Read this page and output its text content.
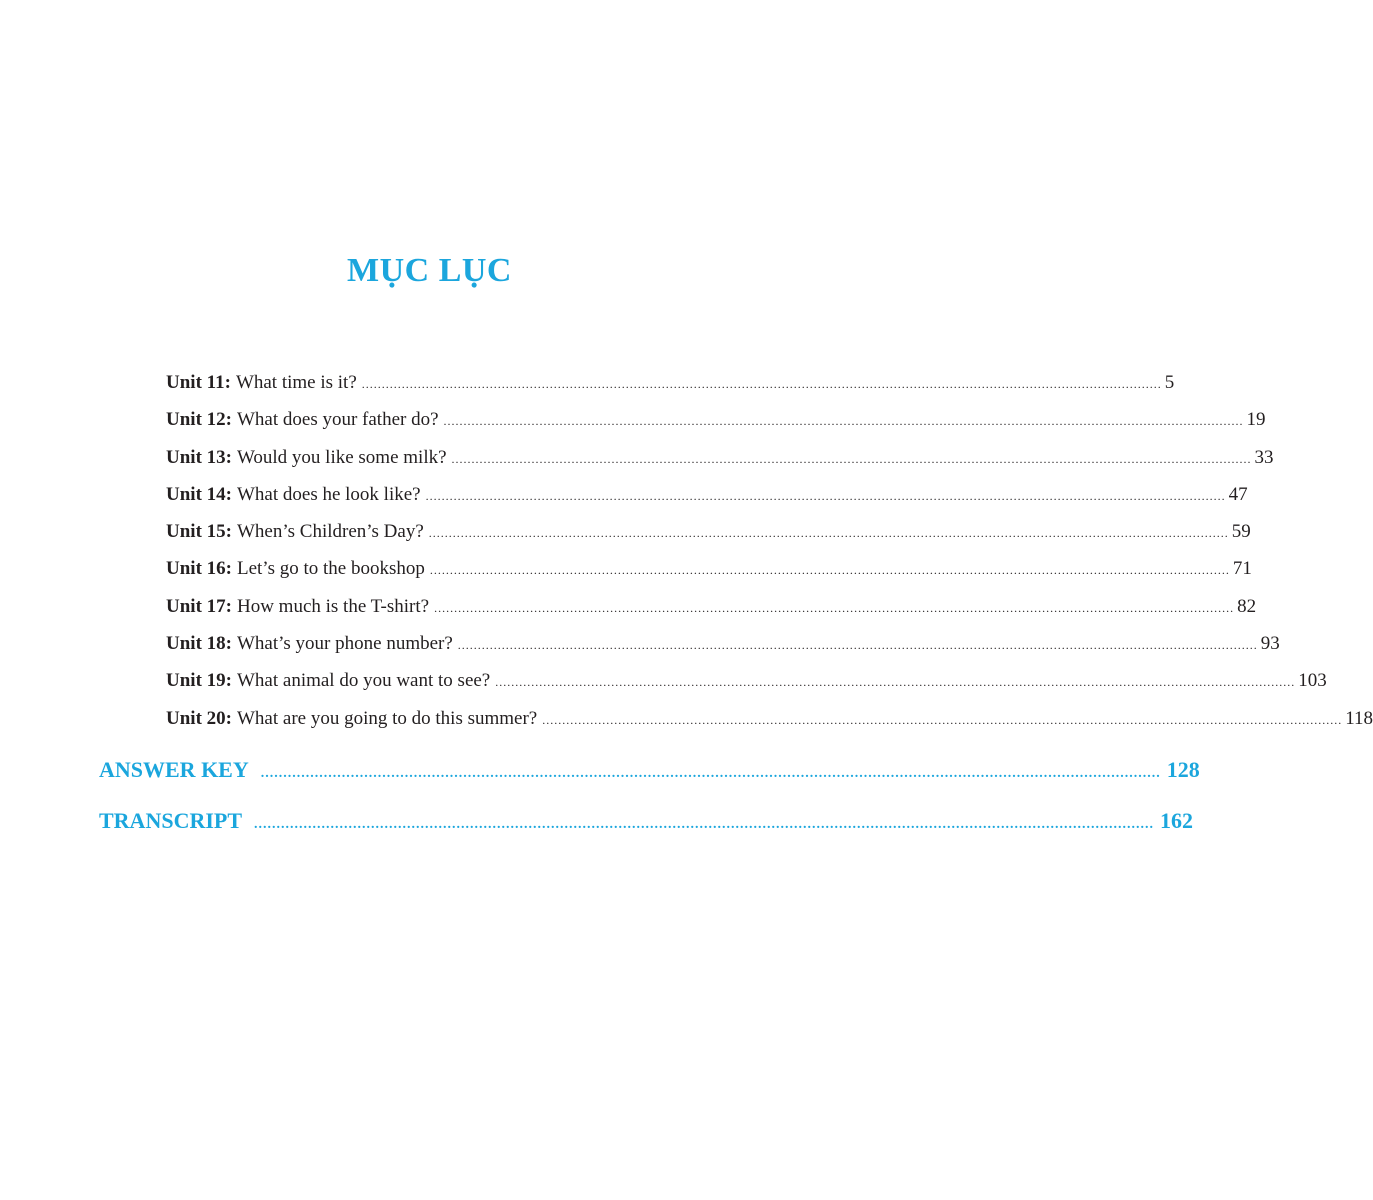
MỤC LỤC
Unit 11: What time is it? ........................................................................................................................................................................................................ 5
Unit 12: What does your father do? ........................................................................................................................................................................................................ 19
Unit 13: Would you like some milk? ........................................................................................................................................................................................................ 33
Unit 14: What does he look like? ........................................................................................................................................................................................................ 47
Unit 15: When’s Children’s Day? ........................................................................................................................................................................................................ 59
Unit 16: Let’s go to the bookshop ........................................................................................................................................................................................................ 71
Unit 17: How much is the T-shirt? ........................................................................................................................................................................................................ 82
Unit 18: What’s your phone number? ........................................................................................................................................................................................................ 93
Unit 19: What animal do you want to see? ........................................................................................................................................................................................................ 103
Unit 20: What are you going to do this summer? ........................................................................................................................................................................................................ 118
ANSWER KEY ........................................................................................................................................................................................................ 128
TRANSCRIPT ........................................................................................................................................................................................................ 162
